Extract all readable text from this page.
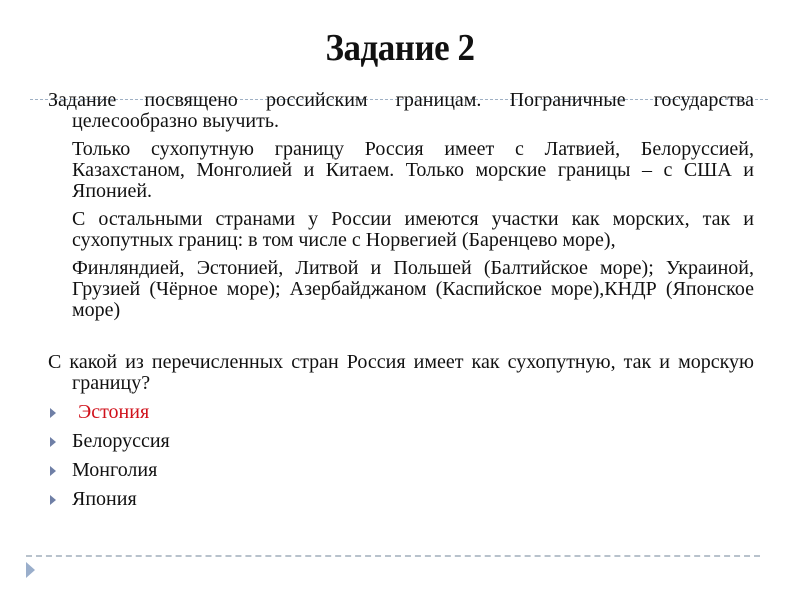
Задание 2

Задание посвящено российским границам. Пограничные государства целесообразно выучить.

Только сухопутную границу Россия имеет с Латвией, Белоруссией, Казахстаном, Монголией и Китаем. Только морские границы – с США и Японией.

С остальными странами у России имеются участки как морских, так и сухопутных границ: в том числе с Норвегией (Баренцево море),

Финляндией, Эстонией, Литвой и Польшей (Балтийское море); Украиной, Грузией (Чёрное море); Азербайджаном (Каспийское море),КНДР (Японское море)

С какой из перечисленных стран Россия имеет как сухопутную, так и морскую границу?

Эстония
Белоруссия
Монголия
Япония
